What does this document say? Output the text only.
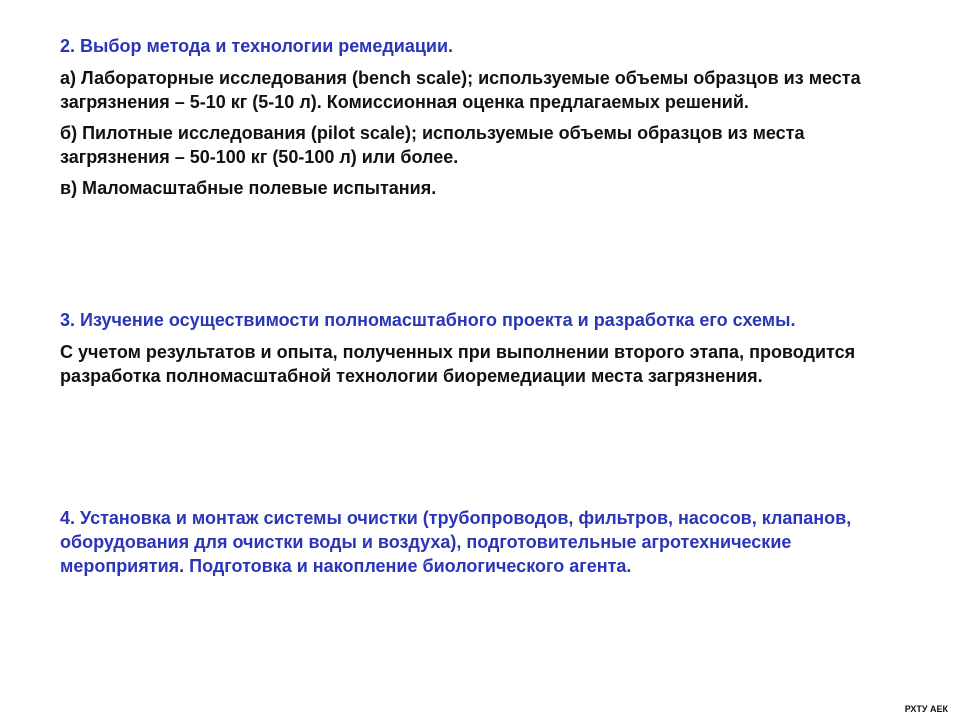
2. Выбор метода и технологии ремедиации.

а) Лабораторные исследования (bench scale); используемые объемы образцов из места загрязнения – 5-10 кг (5-10 л). Комиссионная оценка предлагаемых решений.

б) Пилотные исследования (pilot scale); используемые объемы образцов из места загрязнения – 50-100 кг (50-100 л) или более.

в) Маломасштабные полевые испытания.

3. Изучение осуществимости полномасштабного проекта и разработка его схемы.

С учетом результатов и опыта, полученных при выполнении второго этапа, проводится разработка полномасштабной технологии биоремедиации места загрязнения.

4. Установка и монтаж системы очистки (трубопроводов, фильтров, насосов, клапанов, оборудования для очистки воды и воздуха), подготовительные агротехнические мероприятия. Подготовка и накопление биологического агента.

РХТУ АЕК
